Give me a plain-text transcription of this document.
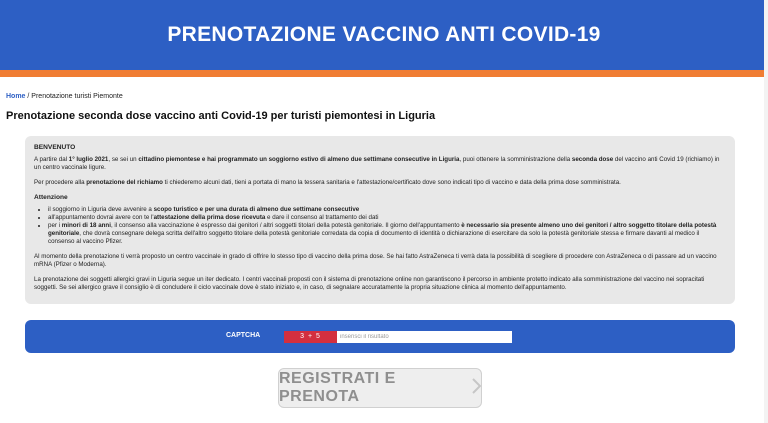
PRENOTAZIONE VACCINO ANTI COVID-19
Home / Prenotazione turisti Piemonte
Prenotazione seconda dose vaccino anti Covid-19 per turisti piemontesi in Liguria
BENVENUTO

A partire dal 1° luglio 2021, se sei un cittadino piemontese e hai programmato un soggiorno estivo di almeno due settimane consecutive in Liguria, puoi ottenere la somministrazione della seconda dose del vaccino anti Covid 19 (richiamo) in un centro vaccinale ligure.

Per procedere alla prenotazione del richiamo ti chiederemo alcuni dati, tieni a portata di mano la tessera sanitaria e l'attestazione/certificato dove sono indicati tipo di vaccino e data della prima dose somministrata.

Attenzione
• il soggiorno in Liguria deve avvenire a scopo turistico e per una durata di almeno due settimane consecutive
• all'appuntamento dovrai avere con te l'attestazione della prima dose ricevuta e dare il consenso al trattamento dei dati
• per i minori di 18 anni, il consenso alla vaccinazione è espresso dai genitori / altri soggetti titolari della potestà genitoriale. Il giorno dell'appuntamento è necessario sia presente almeno uno dei genitori / altro soggetto titolare della potestà genitoriale, che dovrà consegnare delega scritta dell'altro soggetto titolare della potestà genitoriale corredata da copia di documento di identità o dichiarazione di esercitare da solo la potestà genitoriale stessa e firmare davanti al medico il consenso al vaccino Pfizer.

Al momento della prenotazione ti verrà proposto un centro vaccinale in grado di offrire lo stesso tipo di vaccino della prima dose. Se hai fatto AstraZeneca ti verrà data la possibilità di scegliere di procedere con AstraZeneca o di passare ad un vaccino mRNA (Pfizer o Moderna).

La prenotazione dei soggetti allergici gravi in Liguria segue un iter dedicato. I centri vaccinali proposti con il sistema di prenotazione online non garantiscono il percorso in ambiente protetto indicato alla somministrazione del vaccino nei sopracitati soggetti. Se sei allergico grave il consiglio è di concludere il ciclo vaccinale dove è stato iniziato e, in caso, di segnalare accuratamente la propria situazione clinica al momento dell'appuntamento.

CAPTCHA	3 + 5
inserisci il risultato
REGISTRATI E PRENOTA
